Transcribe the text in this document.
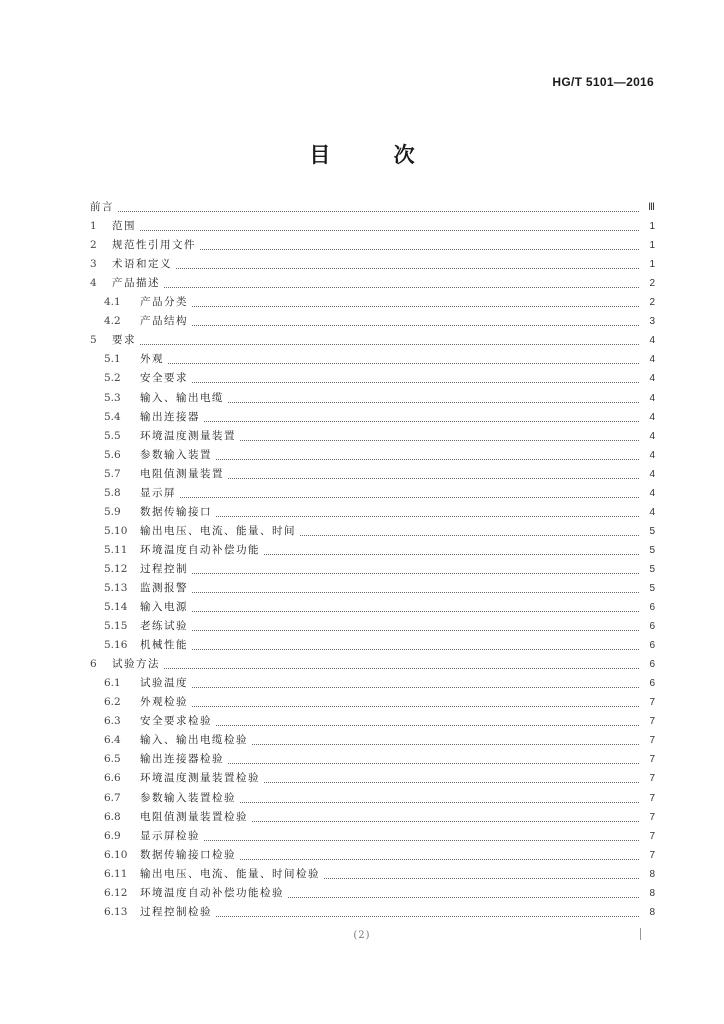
HG/T 5101—2016
目 次
前言	Ⅲ
1	范围	1
2	规范性引用文件	1
3	术语和定义	1
4	产品描述	2
4.1	产品分类	2
4.2	产品结构	3
5	要求	4
5.1	外观	4
5.2	安全要求	4
5.3	输入、输出电缆	4
5.4	输出连接器	4
5.5	环境温度测量装置	4
5.6	参数输入装置	4
5.7	电阻值测量装置	4
5.8	显示屏	4
5.9	数据传输接口	4
5.10	输出电压、电流、能量、时间	5
5.11	环境温度自动补偿功能	5
5.12	过程控制	5
5.13	监测报警	5
5.14	输入电源	6
5.15	老练试验	6
5.16	机械性能	6
6	试验方法	6
6.1	试验温度	6
6.2	外观检验	7
6.3	安全要求检验	7
6.4	输入、输出电缆检验	7
6.5	输出连接器检验	7
6.6	环境温度测量装置检验	7
6.7	参数输入装置检验	7
6.8	电阻值测量装置检验	7
6.9	显示屏检验	7
6.10	数据传输接口检验	7
6.11	输出电压、电流、能量、时间检验	8
6.12	环境温度自动补偿功能检验	8
6.13	过程控制检验	8
(2)
